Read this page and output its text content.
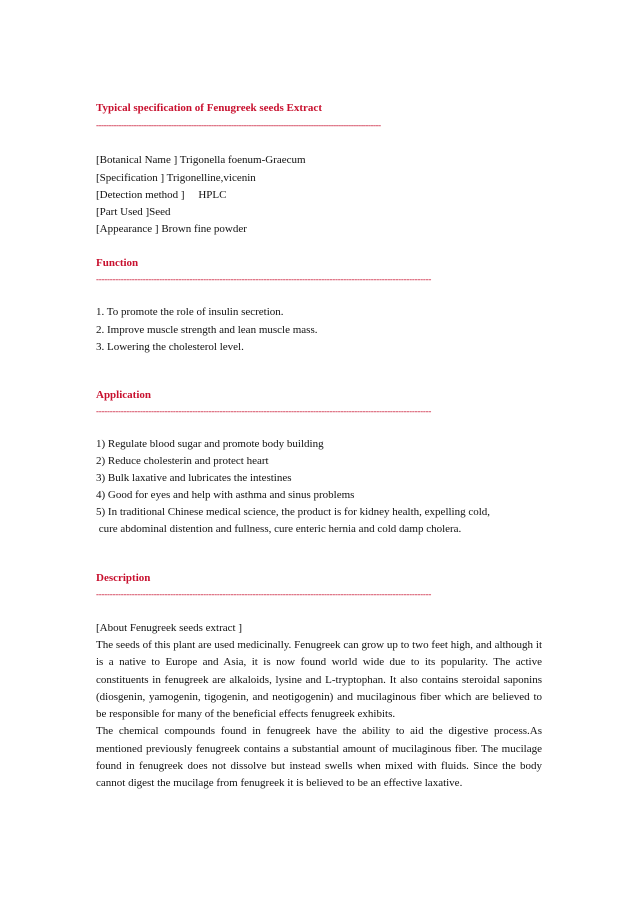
Typical specification of Fenugreek seeds Extract
------------------------------------------------------------------------------------------------------------------
[Botanical Name ] Trigonella foenum-Graecum
[Specification ] Trigonelline,vicenin
[Detection method ]     HPLC
[Part Used ]Seed
[Appearance ] Brown fine powder
Function
--------------------------------------------------------------------------------------------------------------------------
1. To promote the role of insulin secretion.
2. Improve muscle strength and lean muscle mass.
3. Lowering the cholesterol level.
Application
--------------------------------------------------------------------------------------------------------------------------
1) Regulate blood sugar and promote body building
2) Reduce cholesterin and protect heart
3) Bulk laxative and lubricates the intestines
4) Good for eyes and help with asthma and sinus problems
5) In traditional Chinese medical science, the product is for kidney health, expelling cold,
cure abdominal distention and fullness, cure enteric hernia and cold damp cholera.
Description
--------------------------------------------------------------------------------------------------------------------------
[About Fenugreek seeds extract ]

The seeds of this plant are used medicinally. Fenugreek can grow up to two feet high, and although it is a native to Europe and Asia, it is now found world wide due to its popularity. The active constituents in fenugreek are alkaloids, lysine and L-tryptophan. It also contains steroidal saponins (diosgenin, yamogenin, tigogenin, and neotigogenin) and mucilaginous fiber which are believed to be responsible for many of the beneficial effects fenugreek exhibits.

The chemical compounds found in fenugreek have the ability to aid the digestive process.As mentioned previously fenugreek contains a substantial amount of mucilaginous fiber. The mucilage found in fenugreek does not dissolve but instead swells when mixed with fluids. Since the body cannot digest the mucilage from fenugreek it is believed to be an effective laxative.
